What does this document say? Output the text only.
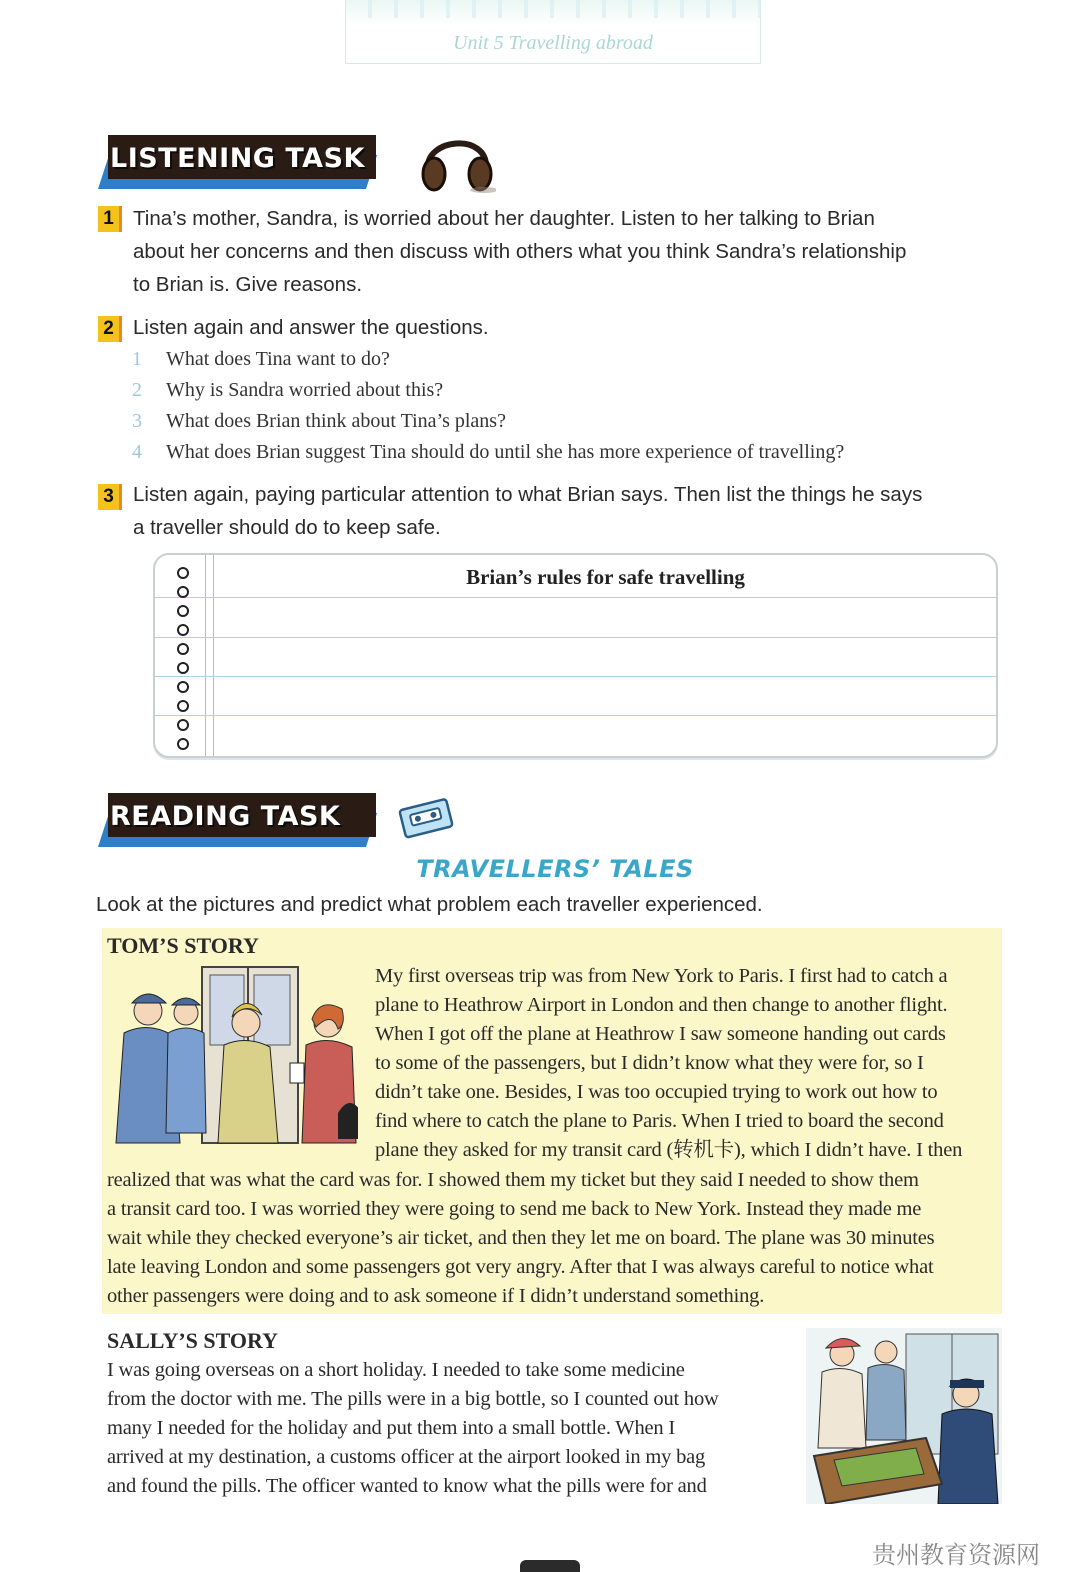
Unit 5 Travelling abroad
LISTENING TASK
1 Tina’s mother, Sandra, is worried about her daughter. Listen to her talking to Brian
about her concerns and then discuss with others what you think Sandra’s relationship
to Brian is. Give reasons.
2 Listen again and answer the questions.
1 What does Tina want to do?
2 Why is Sandra worried about this?
3 What does Brian think about Tina’s plans?
4 What does Brian suggest Tina should do until she has more experience of travelling?
3 Listen again, paying particular attention to what Brian says. Then list the things he says
a traveller should do to keep safe.
Brian’s rules for safe travelling
READING TASK
TRAVELLERS’ TALES
Look at the pictures and predict what problem each traveller experienced.
TOM’S STORY
My first overseas trip was from New York to Paris. I first had to catch a
plane to Heathrow Airport in London and then change to another flight.
When I got off the plane at Heathrow I saw someone handing out cards
to some of the passengers, but I didn’t know what they were for, so I
didn’t take one. Besides, I was too occupied trying to work out how to
find where to catch the plane to Paris. When I tried to board the second
plane they asked for my transit card (转机卡), which I didn’t have. I then
realized that was what the card was for. I showed them my ticket but they said I needed to show them
a transit card too. I was worried they were going to send me back to New York. Instead they made me
wait while they checked everyone’s air ticket, and then they let me on board. The plane was 30 minutes
late leaving London and some passengers got very angry. After that I was always careful to notice what
other passengers were doing and to ask someone if I didn’t understand something.
SALLY’S STORY
I was going overseas on a short holiday. I needed to take some medicine
from the doctor with me. The pills were in a big bottle, so I counted out how
many I needed for the holiday and put them into a small bottle. When I
arrived at my destination, a customs officer at the airport looked in my bag
and found the pills. The officer wanted to know what the pills were for and
贵州教育资源网
